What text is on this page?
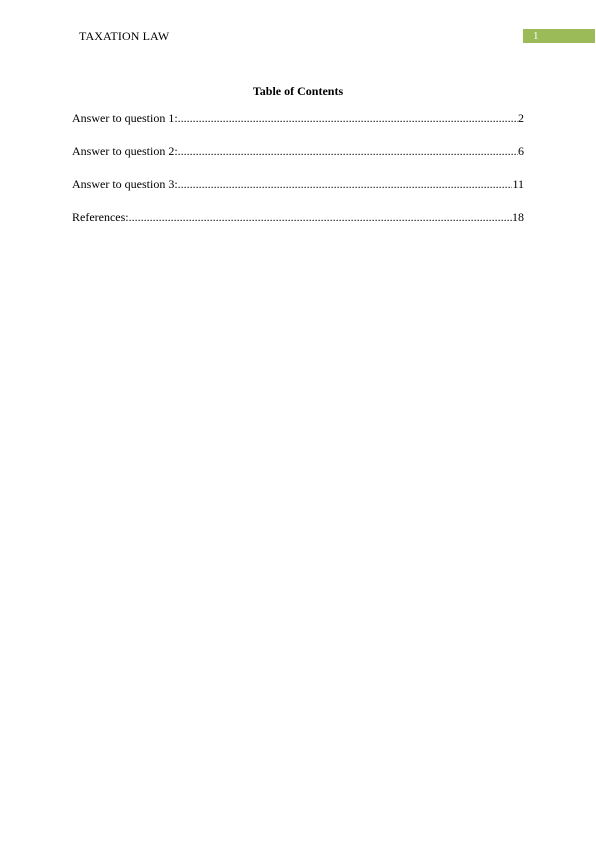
TAXATION LAW	1
Table of Contents
Answer to question 1: .....	2
Answer to question 2: .....	6
Answer to question 3: .....	11
References: .....	18
